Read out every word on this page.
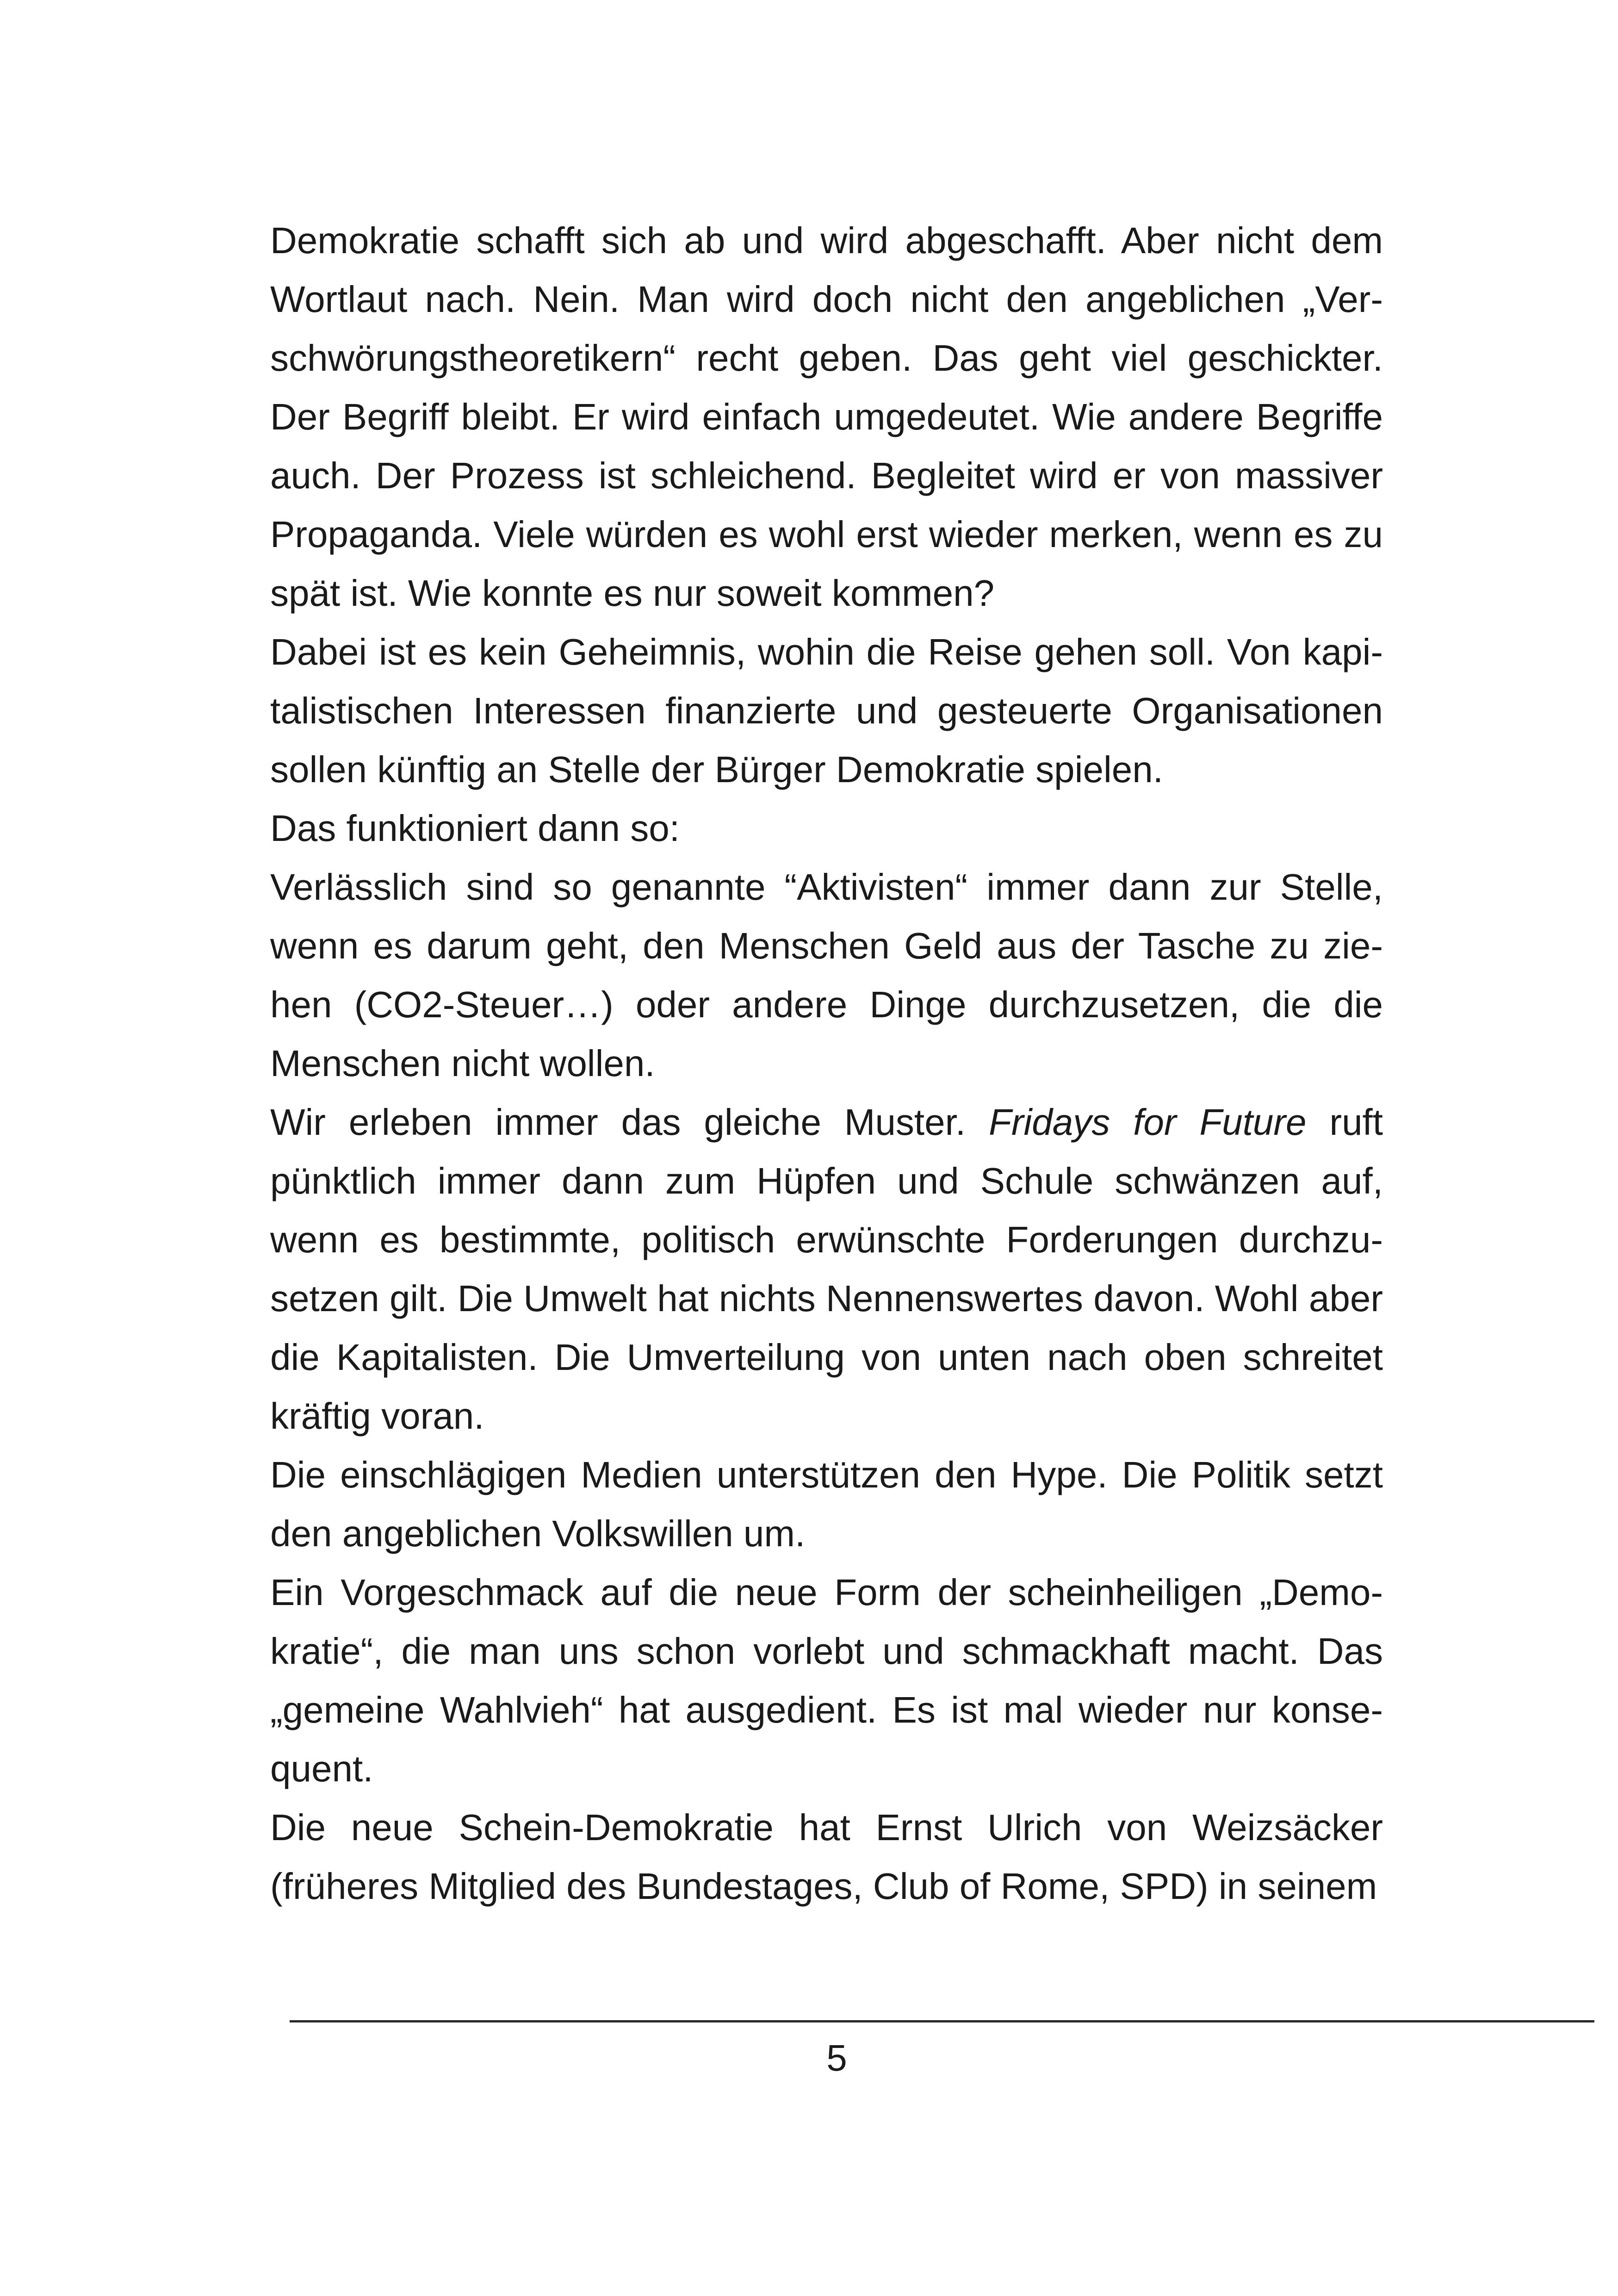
Demokratie schafft sich ab und wird abgeschafft. Aber nicht dem Wortlaut nach. Nein. Man wird doch nicht den angeblichen „Verschwörungstheoretikern“ recht geben. Das geht viel geschickter. Der Begriff bleibt. Er wird einfach umgedeutet. Wie andere Begriffe auch. Der Prozess ist schleichend. Begleitet wird er von massiver Propaganda. Viele würden es wohl erst wieder merken, wenn es zu spät ist. Wie konnte es nur soweit kommen?

Dabei ist es kein Geheimnis, wohin die Reise gehen soll. Von kapitalistischen Interessen finanzierte und gesteuerte Organisationen sollen künftig an Stelle der Bürger Demokratie spielen.

Das funktioniert dann so:

Verlässlich sind so genannte “Aktivisten“ immer dann zur Stelle, wenn es darum geht, den Menschen Geld aus der Tasche zu ziehen (CO2-Steuer…) oder andere Dinge durchzusetzen, die die Menschen nicht wollen.

Wir erleben immer das gleiche Muster. Fridays for Future ruft pünktlich immer dann zum Hüpfen und Schule schwänzen auf, wenn es bestimmte, politisch erwünschte Forderungen durchzusetzen gilt. Die Umwelt hat nichts Nennenswertes davon. Wohl aber die Kapitalisten. Die Umverteilung von unten nach oben schreitet kräftig voran.

Die einschlägigen Medien unterstützen den Hype. Die Politik setzt den angeblichen Volkswillen um.

Ein Vorgeschmack auf die neue Form der scheinheiligen „Demokratie“, die man uns schon vorlebt und schmackhaft macht. Das „gemeine Wahlvieh“ hat ausgedient. Es ist mal wieder nur konsequent.

Die neue Schein-Demokratie hat Ernst Ulrich von Weizsäcker (früheres Mitglied des Bundestages, Club of Rome, SPD) in seinem

5
